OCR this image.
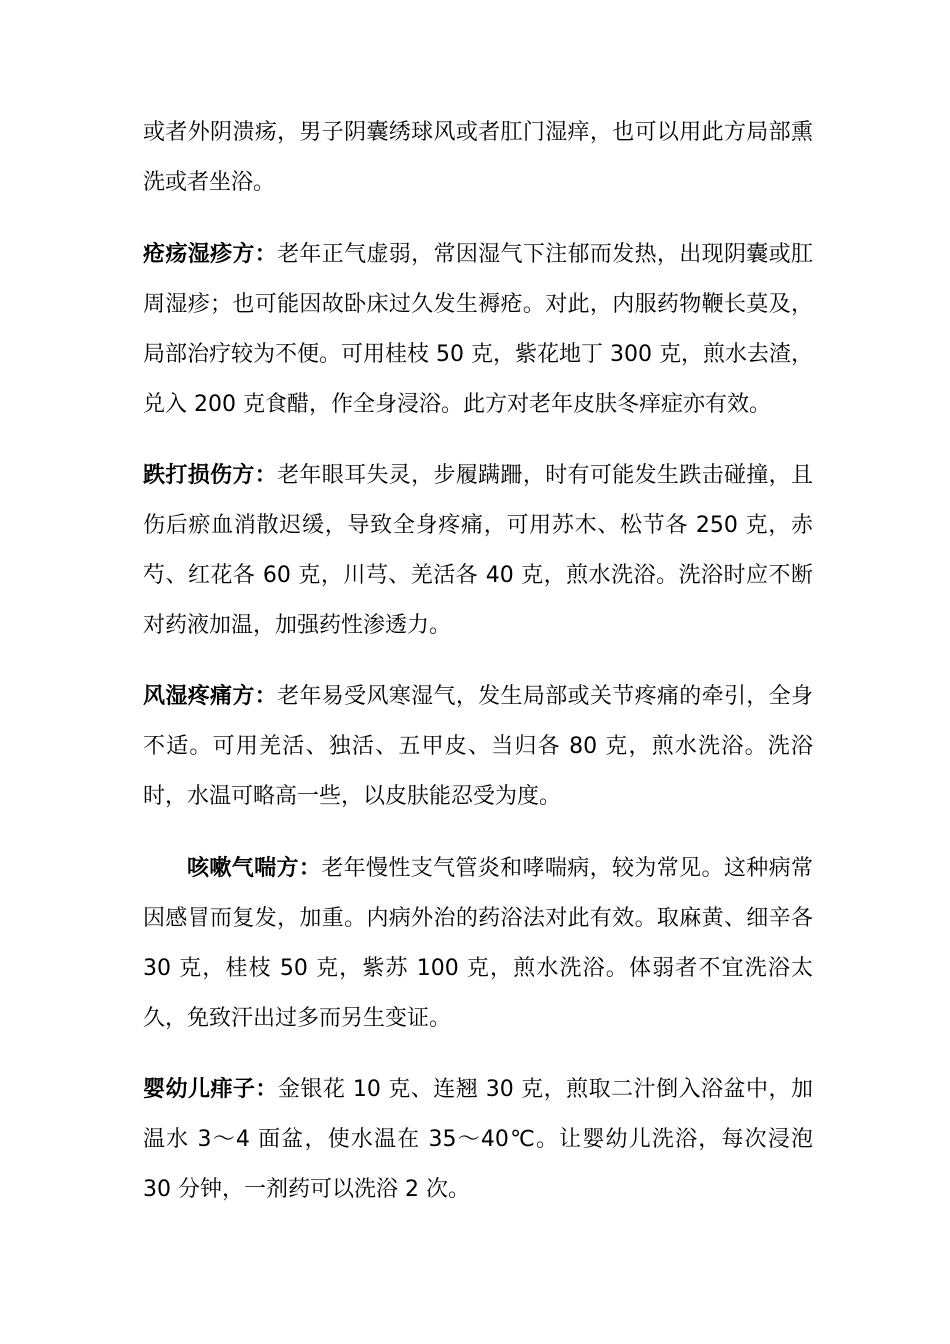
或者外阴溃疡，男子阴囊绣球风或者肛门湿痒，也可以用此方局部熏洗或者坐浴。

疮疡湿疹方：老年正气虚弱，常因湿气下注郁而发热，出现阴囊或肛周湿疹；也可能因故卧床过久发生褥疮。对此，内服药物鞭长莫及，局部治疗较为不便。可用桂枝 50 克，紫花地丁 300 克，煎水去渣，兑入 200 克食醋，作全身浸浴。此方对老年皮肤冬痒症亦有效。

跌打损伤方：老年眼耳失灵，步履蹒跚，时有可能发生跌击碰撞，且伤后瘀血消散迟缓，导致全身疼痛，可用苏木、松节各 250 克，赤芍、红花各 60 克，川芎、羌活各 40 克，煎水洗浴。洗浴时应不断对药液加温，加强药性渗透力。

风湿疼痛方：老年易受风寒湿气，发生局部或关节疼痛的牵引，全身不适。可用羌活、独活、五甲皮、当归各 80 克，煎水洗浴。洗浴时，水温可略高一些，以皮肤能忍受为度。

咳嗽气喘方：老年慢性支气管炎和哮喘病，较为常见。这种病常因感冒而复发，加重。内病外治的药浴法对此有效。取麻黄、细辛各 30 克，桂枝 50 克，紫苏 100 克，煎水洗浴。体弱者不宜洗浴太久，免致汗出过多而另生变证。

婴幼儿痱子：金银花 10 克、连翘 30 克，煎取二汁倒入浴盆中，加温水 3～4 面盆，使水温在 35～40℃。让婴幼儿洗浴，每次浸泡 30 分钟，一剂药可以洗浴 2 次。
